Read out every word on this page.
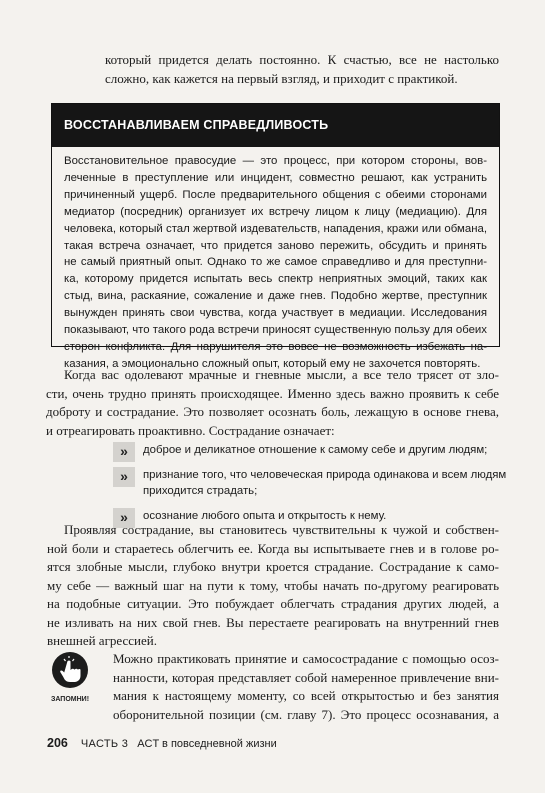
который придется делать постоянно. К счастью, все не настолько
сложно, как кажется на первый взгляд, и приходит с практикой.
ВОССТАНАВЛИВАЕМ СПРАВЕДЛИВОСТЬ
Восстановительное правосудие — это процесс, при котором стороны, вов-
леченные в преступление или инцидент, совместно решают, как устранить
причиненный ущерб. После предварительного общения с обеими сторонами
медиатор (посредник) организует их встречу лицом к лицу (медиацию). Для
человека, который стал жертвой издевательств, нападения, кражи или обмана,
такая встреча означает, что придется заново пережить, обсудить и принять
не самый приятный опыт. Однако то же самое справедливо и для преступни-
ка, которому придется испытать весь спектр неприятных эмоций, таких как
стыд, вина, раскаяние, сожаление и даже гнев. Подобно жертве, преступник
вынужден принять свои чувства, когда участвует в медиации. Исследования
показывают, что такого рода встречи приносят существенную пользу для обеих
сторон конфликта. Для нарушителя это вовсе не возможность избежать на-
казания, а эмоционально сложный опыт, который ему не захочется повторять.
Когда вас одолевают мрачные и гневные мысли, а все тело трясет от зло-
сти, очень трудно принять происходящее. Именно здесь важно проявить к себе
доброту и сострадание. Это позволяет осознать боль, лежащую в основе гнева,
и отреагировать проактивно. Сострадание означает:
»	доброе и деликатное отношение к самому себе и другим людям;
»	признание того, что человеческая природа одинакова и всем людям
приходится страдать;
»	осознание любого опыта и открытость к нему.
Проявляя сострадание, вы становитесь чувствительны к чужой и собствен-
ной боли и стараетесь облегчить ее. Когда вы испытываете гнев и в голове ро-
ятся злобные мысли, глубоко внутри кроется страдание. Сострадание к само-
му себе — важный шаг на пути к тому, чтобы начать по-другому реагировать
на подобные ситуации. Это побуждает облегчать страдания других людей, а
не изливать на них свой гнев. Вы перестаете реагировать на внутренний гнев
внешней агрессией.
ЗАПОМНИ!
Можно практиковать принятие и самосострадание с помощью осоз-
нанности, которая представляет собой намеренное привлечение вни-
мания к настоящему моменту, со всей открытостью и без занятия
оборонительной позиции (см. главу 7). Это процесс осознавания, а
206 ЧАСТЬ 3 ACT в повседневной жизни
